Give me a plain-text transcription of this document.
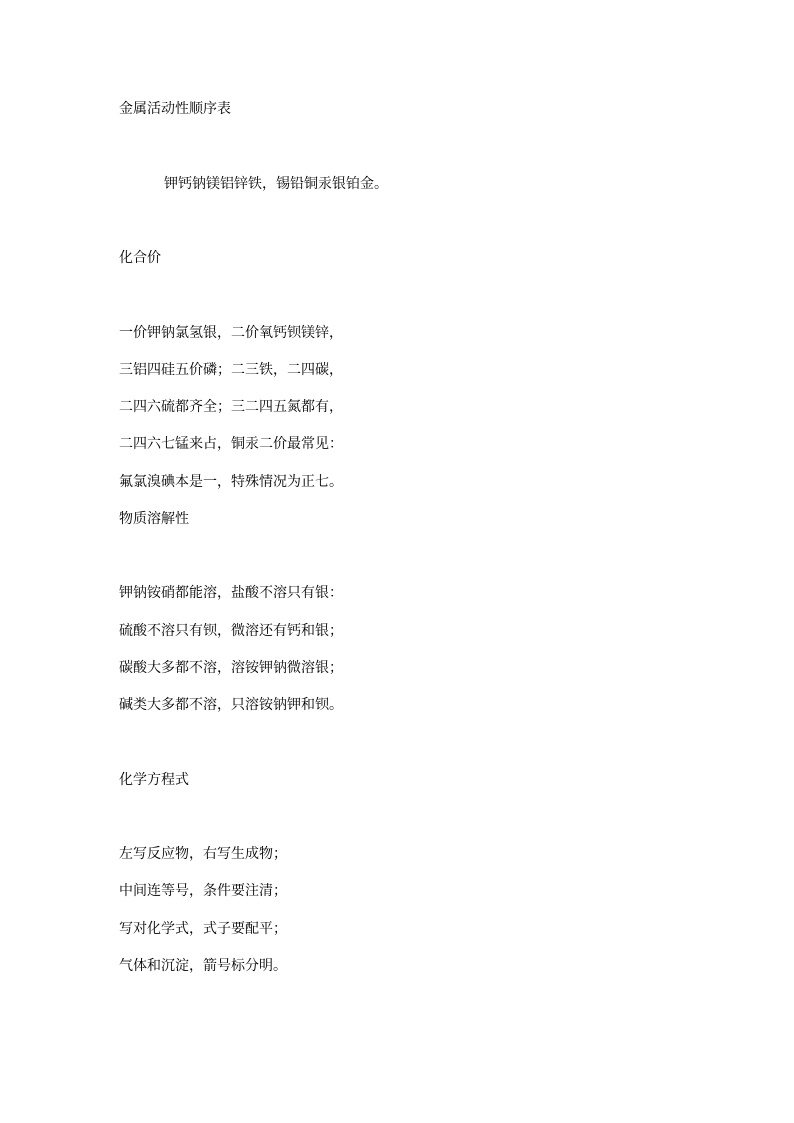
金属活动性顺序表
钾钙钠镁铝锌铁，锡铅铜汞银铂金。
化合价
一价钾钠氯氢银，二价氧钙钡镁锌，
三铝四硅五价磷；二三铁，二四碳，
二四六硫都齐全；三二四五氮都有，
二四六七锰来占，铜汞二价最常见：
氟氯溴碘本是一，特殊情况为正七。
物质溶解性
钾钠铵硝都能溶，盐酸不溶只有银：
硫酸不溶只有钡，微溶还有钙和银；
碳酸大多都不溶，溶铵钾钠微溶银；
碱类大多都不溶，只溶铵钠钾和钡。
化学方程式
左写反应物，右写生成物；
中间连等号，条件要注清；
写对化学式，式子要配平；
气体和沉淀，箭号标分明。
